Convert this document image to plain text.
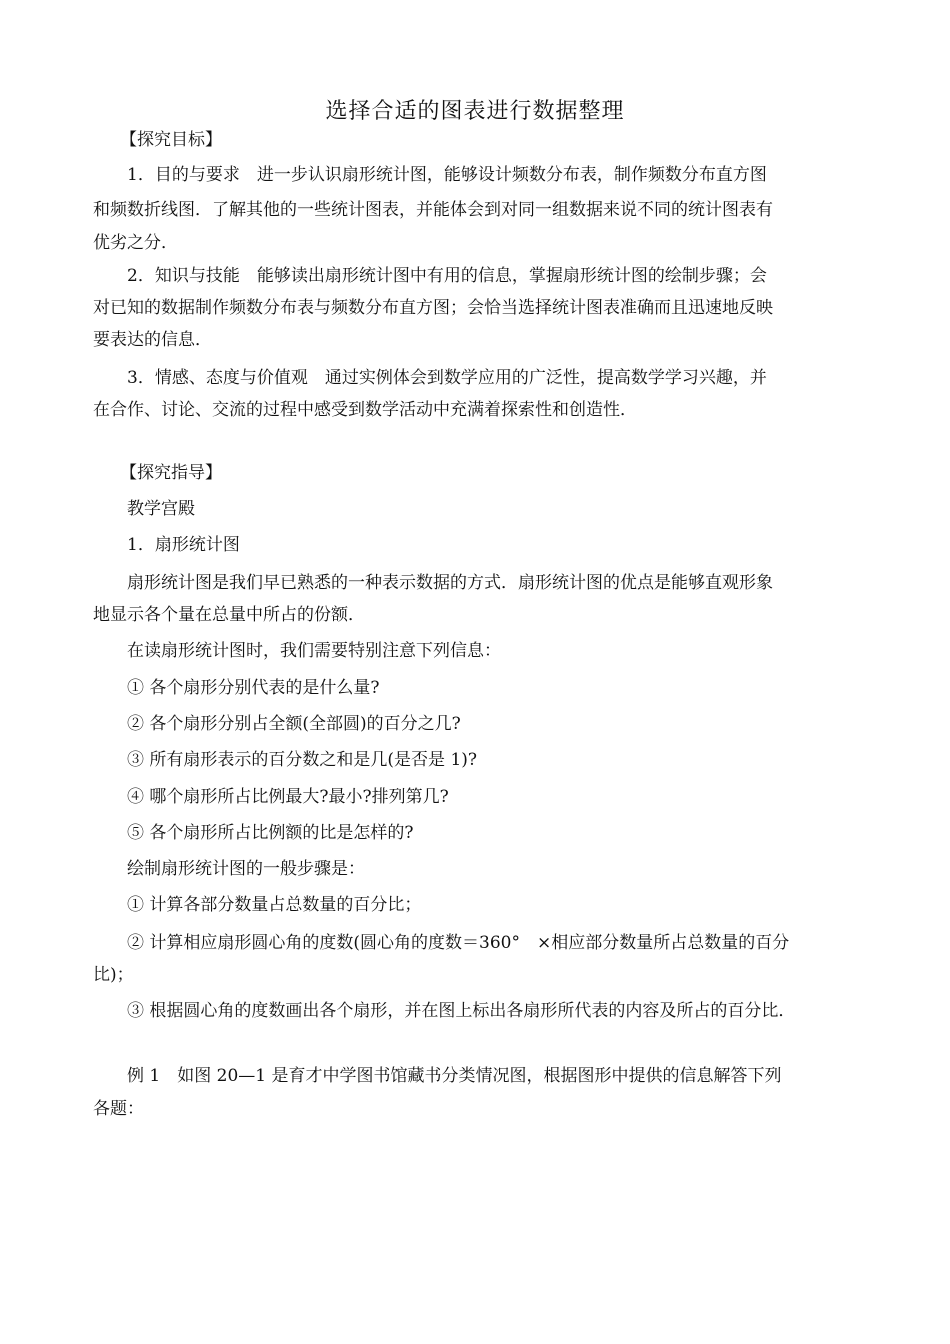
选择合适的图表进行数据整理
【探究目标】
1．目的与要求　进一步认识扇形统计图，能够设计频数分布表，制作频数分布直方图
和频数折线图．了解其他的一些统计图表，并能体会到对同一组数据来说不同的统计图表有
优劣之分．
2．知识与技能　能够读出扇形统计图中有用的信息，掌握扇形统计图的绘制步骤；会
对已知的数据制作频数分布表与频数分布直方图；会恰当选择统计图表准确而且迅速地反映
要表达的信息．
3．情感、态度与价值观　通过实例体会到数学应用的广泛性，提高数学学习兴趣，并
在合作、讨论、交流的过程中感受到数学活动中充满着探索性和创造性．
【探究指导】
教学宫殿
1．扇形统计图
扇形统计图是我们早已熟悉的一种表示数据的方式．扇形统计图的优点是能够直观形象
地显示各个量在总量中所占的份额．
在读扇形统计图时，我们需要特别注意下列信息：
① 各个扇形分别代表的是什么量?
② 各个扇形分别占全额(全部圆)的百分之几?
③ 所有扇形表示的百分数之和是几(是否是 1)?
④ 哪个扇形所占比例最大?最小?排列第几?
⑤ 各个扇形所占比例额的比是怎样的?
绘制扇形统计图的一般步骤是：
① 计算各部分数量占总数量的百分比；
② 计算相应扇形圆心角的度数(圆心角的度数＝360°　×相应部分数量所占总数量的百分
比)；
③ 根据圆心角的度数画出各个扇形，并在图上标出各扇形所代表的内容及所占的百分比．
例 1　如图 20—1 是育才中学图书馆藏书分类情况图，根据图形中提供的信息解答下列
各题：
